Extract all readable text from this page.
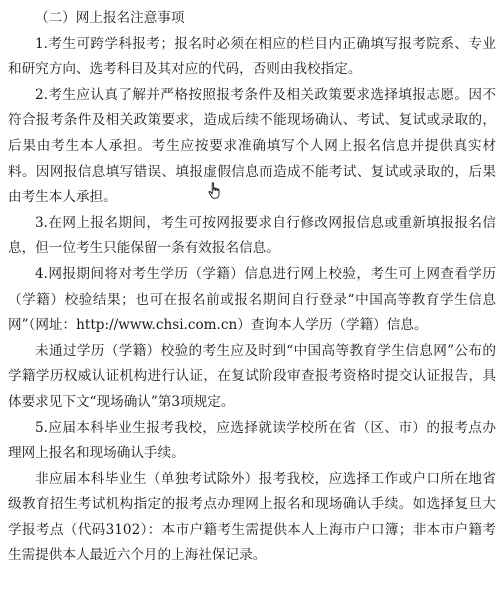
（二）网上报名注意事项

1.考生可跨学科报考；报名时必须在相应的栏目内正确填写报考院系、专业和研究方向、选考科目及其对应的代码，否则由我校指定。

2.考生应认真了解并严格按照报考条件及相关政策要求选择填报志愿。因不符合报考条件及相关政策要求，造成后续不能现场确认、考试、复试或录取的，后果由考生本人承担。考生应按要求准确填写个人网上报名信息并提供真实材料。因网报信息填写错误、填报虚假信息而造成不能考试、复试或录取的，后果由考生本人承担。

3.在网上报名期间，考生可按网报要求自行修改网报信息或重新填报报名信息，但一位考生只能保留一条有效报名信息。

4.网报期间将对考生学历（学籍）信息进行网上校验，考生可上网查看学历（学籍）校验结果；也可在报名前或报名期间自行登录“中国高等教育学生信息网”（网址：http://www.chsi.com.cn）查询本人学历（学籍）信息。

未通过学历（学籍）校验的考生应及时到“中国高等教育学生信息网”公布的学籍学历权威认证机构进行认证，在复试阶段审查报考资格时提交认证报告，具体要求见下文“现场确认”第3项规定。

5.应届本科毕业生报考我校，应选择就读学校所在省（区、市）的报考点办理网上报名和现场确认手续。

非应届本科毕业生（单独考试除外）报考我校，应选择工作或户口所在地省级教育招生考试机构指定的报考点办理网上报名和现场确认手续。如选择复旦大学报考点（代码3102）：本市户籍考生需提供本人上海市户口簿；非本市户籍考生需提供本人最近六个月的上海社保记录。
